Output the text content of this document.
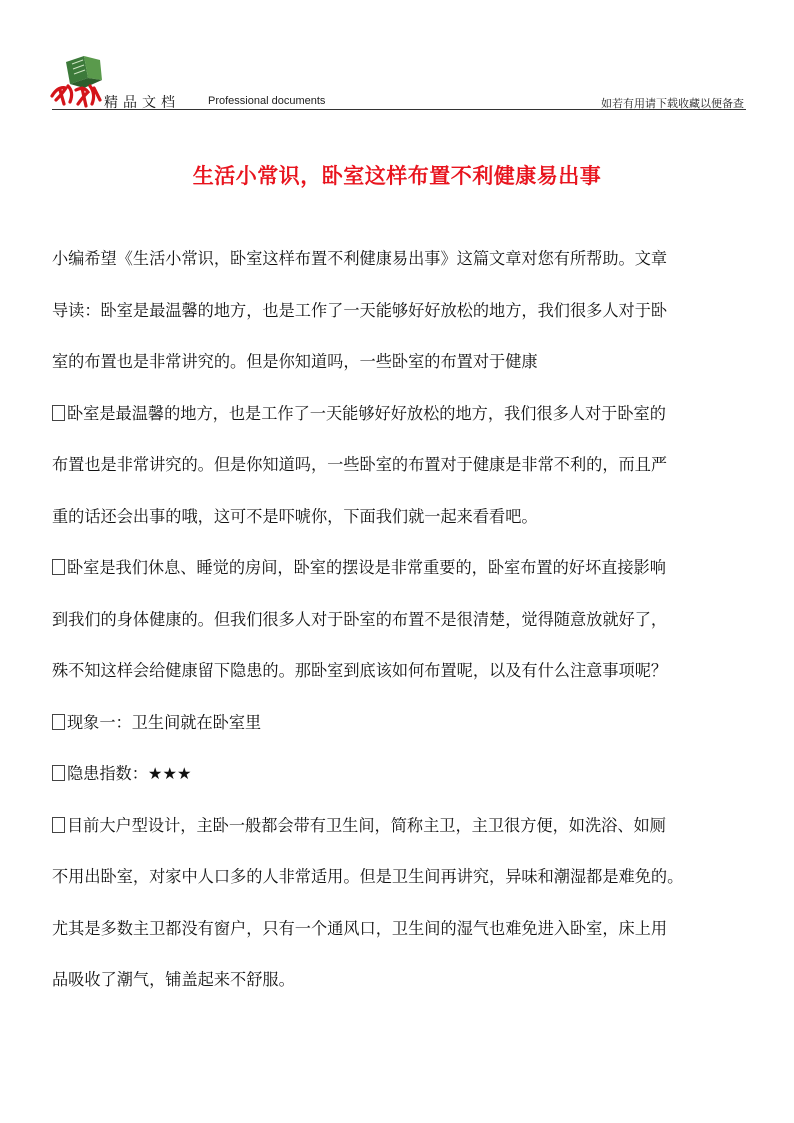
精品文档	Professional documents	如若有用请下载收藏以便备查
生活小常识，卧室这样布置不利健康易出事
小编希望《生活小常识，卧室这样布置不利健康易出事》这篇文章对您有所帮助。文章
导读：卧室是最温馨的地方，也是工作了一天能够好好放松的地方，我们很多人对于卧
室的布置也是非常讲究的。但是你知道吗，一些卧室的布置对于健康
卧室是最温馨的地方，也是工作了一天能够好好放松的地方，我们很多人对于卧室的
布置也是非常讲究的。但是你知道吗，一些卧室的布置对于健康是非常不利的，而且严
重的话还会出事的哦，这可不是吓唬你，下面我们就一起来看看吧。
卧室是我们休息、睡觉的房间，卧室的摆设是非常重要的，卧室布置的好坏直接影响
到我们的身体健康的。但我们很多人对于卧室的布置不是很清楚，觉得随意放就好了，
殊不知这样会给健康留下隐患的。那卧室到底该如何布置呢，以及有什么注意事项呢？
现象一：卫生间就在卧室里
隐患指数：★★★
目前大户型设计，主卧一般都会带有卫生间，简称主卫，主卫很方便，如洗浴、如厕
不用出卧室，对家中人口多的人非常适用。但是卫生间再讲究，异味和潮湿都是难免的。
尤其是多数主卫都没有窗户，只有一个通风口，卫生间的湿气也难免进入卧室，床上用
品吸收了潮气，铺盖起来不舒服。
